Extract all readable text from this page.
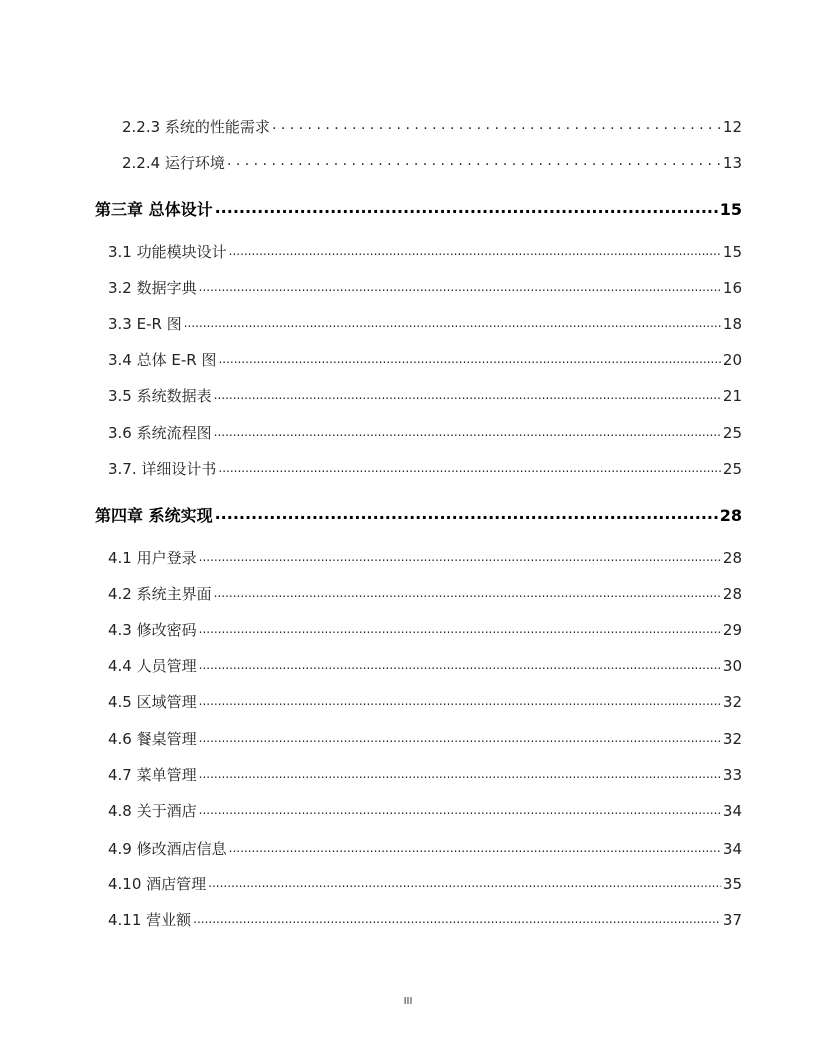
2.2.3 系统的性能需求 . . .	12
2.2.4 运行环境 . . .	13
第三章 总体设计 .....	15
3.1 功能模块设计 .....	15
3.2 数据字典 .....	16
3.3 E-R 图 .....	18
3.4 总体 E-R 图 .....	20
3.5 系统数据表 .....	21
3.6 系统流程图 .....	25
3.7. 详细设计书 .....	25
第四章 系统实现 .....	28
4.1 用户登录 .....	28
4.2 系统主界面 .....	28
4.3 修改密码 .....	29
4.4 人员管理 .....	30
4.5 区域管理 .....	32
4.6 餐桌管理 .....	32
4.7 菜单管理 .....	33
4.8 关于酒店 .....	34
4.9 修改酒店信息 .....	34
4.10 酒店管理 .....	35
4.11 营业额 .....	37
III
